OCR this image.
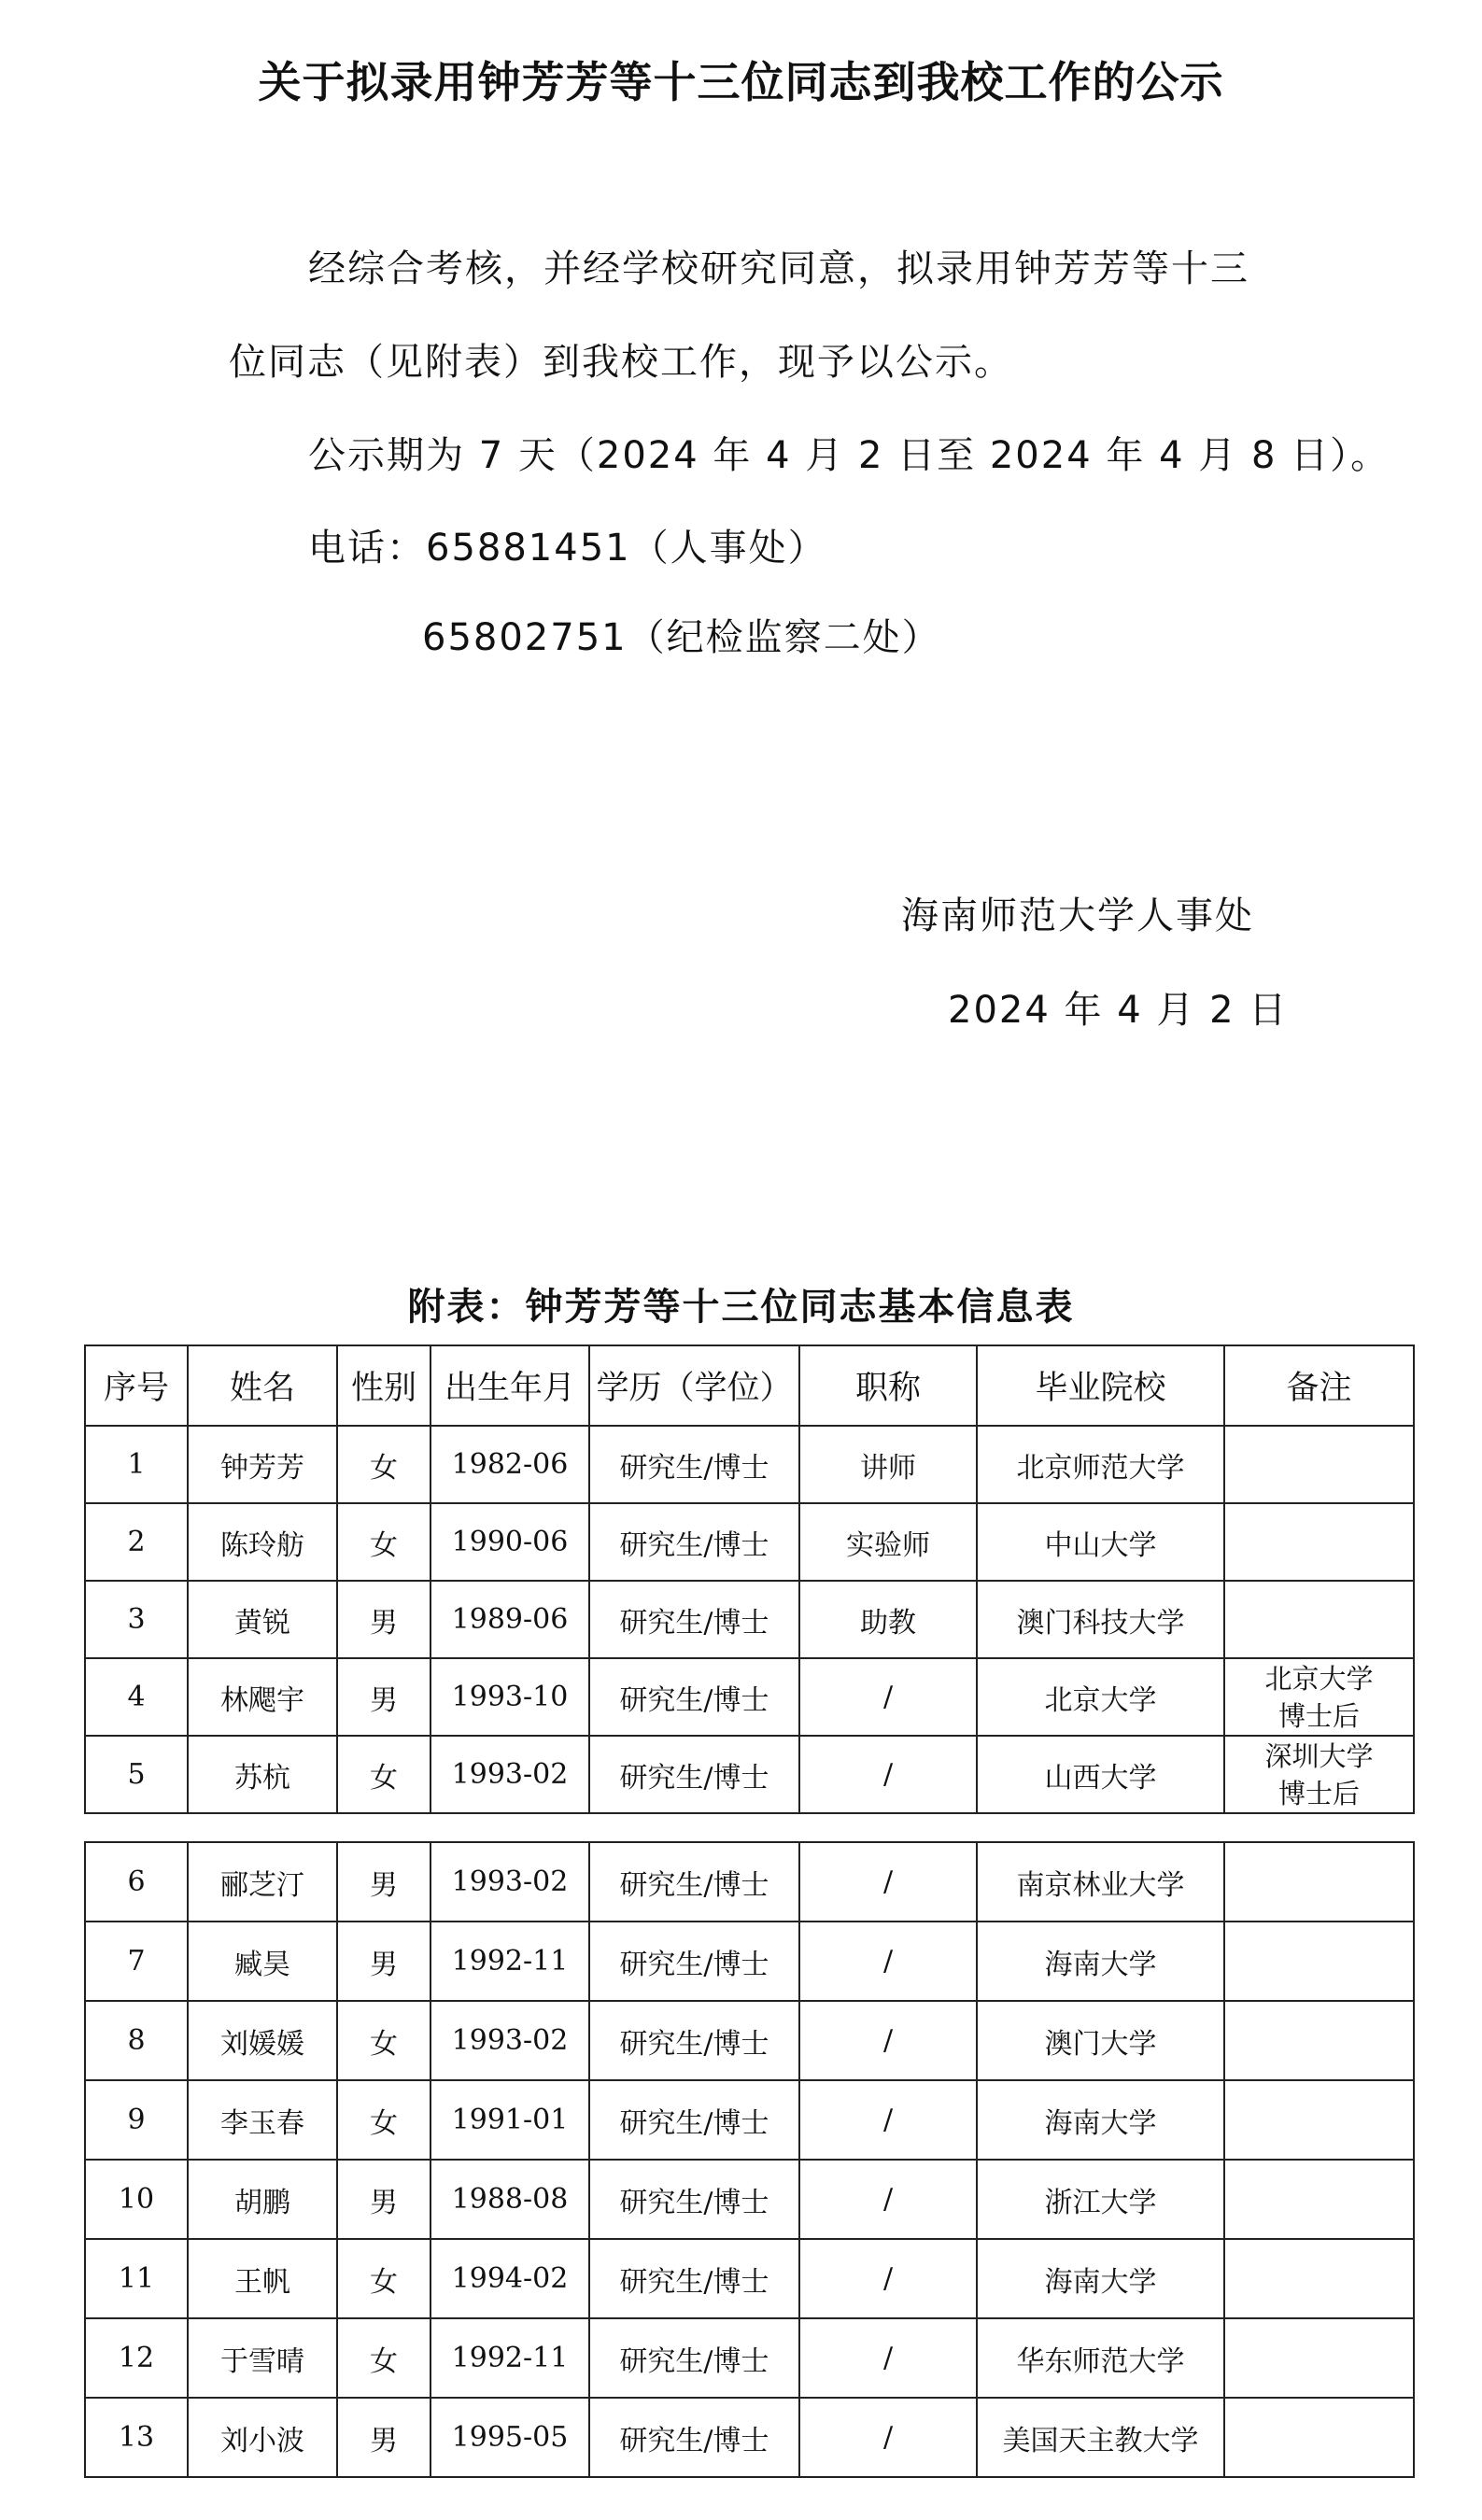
关于拟录用钟芳芳等十三位同志到我校工作的公示
经综合考核，并经学校研究同意，拟录用钟芳芳等十三
位同志（见附表）到我校工作，现予以公示。
公示期为 7 天（2024 年 4 月 2 日至 2024 年 4 月 8 日）。
电话：65881451（人事处）
65802751（纪检监察二处）
海南师范大学人事处
2024 年 4 月 2 日
附表：钟芳芳等十三位同志基本信息表
序号	姓名	性别	出生年月	学历（学位）	职称	毕业院校	备注
1	钟芳芳	女	1982-06	研究生/博士	讲师	北京师范大学	

2	陈玲舫	女	1990-06	研究生/博士	实验师	中山大学	

3	黄锐	男	1989-06	研究生/博士	助教	澳门科技大学	

4	林飔宇	男	1993-10	研究生/博士	/	北京大学	北京大学
博士后

5	苏杭	女	1993-02	研究生/博士	/	山西大学	深圳大学
博士后
6	郦芝汀	男	1993-02	研究生/博士	/	南京林业大学	
7	臧昊	男	1992-11	研究生/博士	/	海南大学	
8	刘媛媛	女	1993-02	研究生/博士	/	澳门大学	
9	李玉春	女	1991-01	研究生/博士	/	海南大学	
10	胡鹏	男	1988-08	研究生/博士	/	浙江大学	
11	王帆	女	1994-02	研究生/博士	/	海南大学	
12	于雪晴	女	1992-11	研究生/博士	/	华东师范大学	
13	刘小波	男	1995-05	研究生/博士	/	美国天主教大学	
